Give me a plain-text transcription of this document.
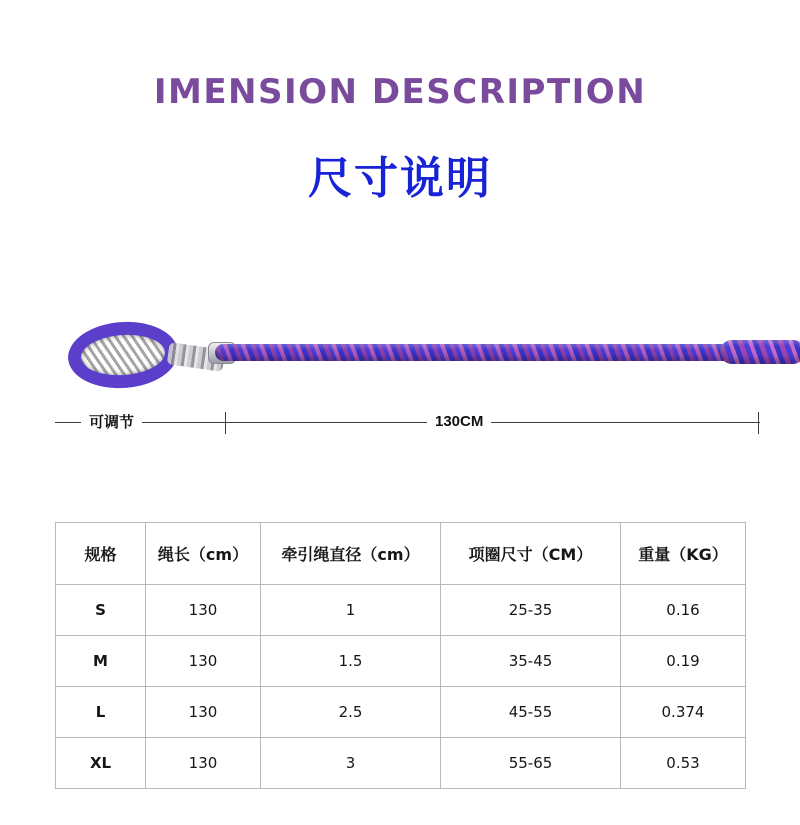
IMENSION DESCRIPTION
尺寸说明
可调节	130CM
规格	绳长（cm）	牵引绳直径（cm）	项圈尺寸（CM）	重量（KG）
S	130	1	25-35	0.16
M	130	1.5	35-45	0.19
L	130	2.5	45-55	0.374
XL	130	3	55-65	0.53
